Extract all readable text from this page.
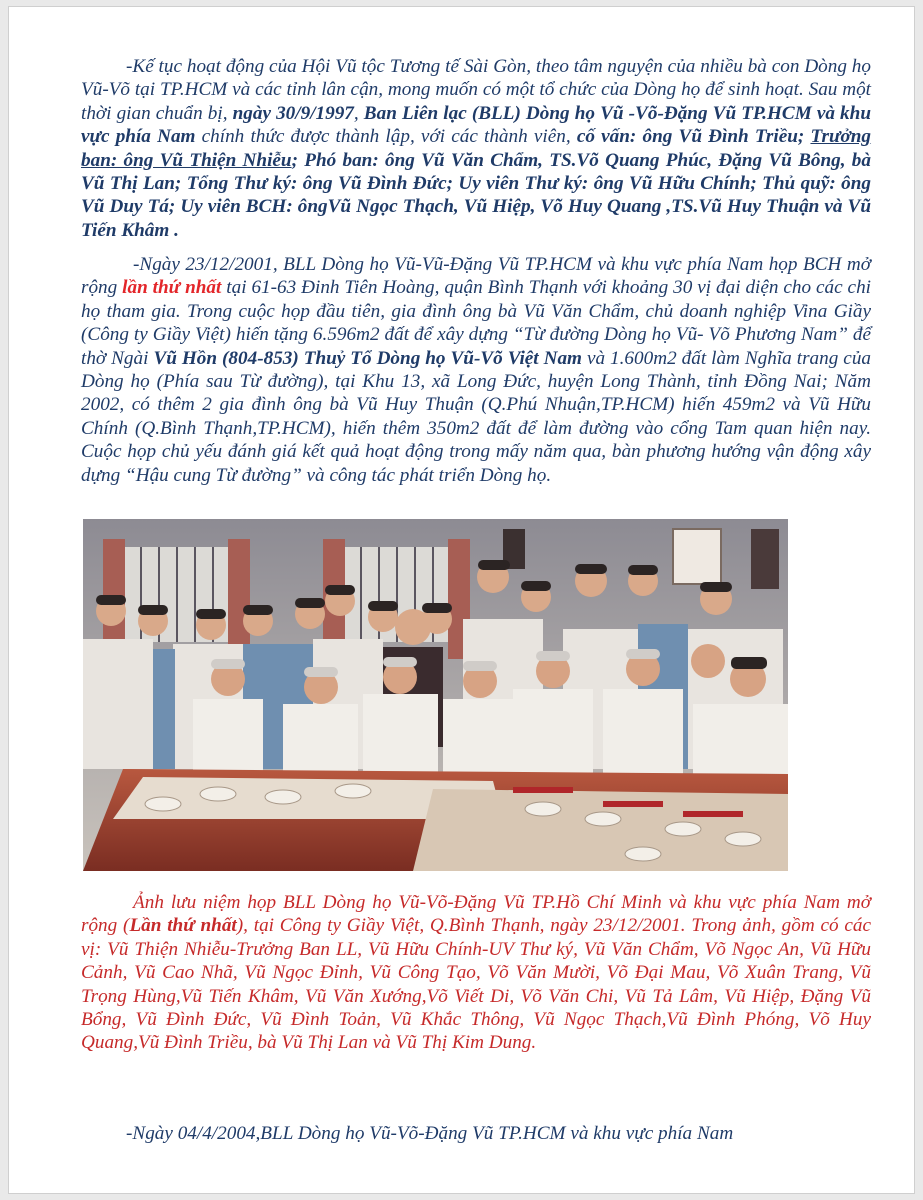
-Kế tục hoạt động của Hội Vũ tộc Tương tế Sài Gòn, theo tâm nguyện của nhiều bà con Dòng họ Vũ-Võ tại TP.HCM và các tỉnh lân cận, mong muốn có một tổ chức của Dòng họ để sinh hoạt. Sau một thời gian chuẩn bị, ngày 30/9/1997, Ban Liên lạc (BLL) Dòng họ Vũ -Võ-Đặng Vũ TP.HCM và khu vực phía Nam chính thức được thành lập, với các thành viên, cố vấn: ông Vũ Đình Triều; Trưởng ban: ông Vũ Thiện Nhiễu; Phó ban: ông Vũ Văn Chẩm, TS.Võ Quang Phúc, Đặng Vũ Bông, bà Vũ Thị Lan; Tổng Thư ký: ông Vũ Đình Đức; Uy viên Thư ký: ông Vũ Hữu Chính; Thủ quỹ: ông Vũ Duy Tá; Uy viên BCH: ôngVũ Ngọc Thạch, Vũ Hiệp, Võ Huy Quang ,TS.Vũ Huy Thuận và Vũ Tiến Khâm .

-Ngày 23/12/2001, BLL Dòng họ Vũ-Vũ-Đặng Vũ TP.HCM và khu vực phía Nam họp BCH mở rộng lần thứ nhất tại 61-63 Đinh Tiên Hoàng, quận Bình Thạnh với khoảng 30 vị đại diện cho các chi họ tham gia. Trong cuộc họp đầu tiên, gia đình ông bà Vũ Văn Chẩm, chủ doanh nghiệp Vina Giầy (Công ty Giầy Việt) hiến tặng 6.596m2 đất để xây dựng “Từ đường Dòng họ Vũ- Võ Phương Nam” để thờ Ngài Vũ Hồn (804-853) Thuỷ Tổ Dòng họ Vũ-Võ Việt Nam và 1.600m2 đất làm Nghĩa trang của Dòng họ (Phía sau Từ đường), tại Khu 13, xã Long Đức, huyện Long Thành, tỉnh Đồng Nai; Năm 2002, có thêm 2 gia đình ông bà Vũ Huy Thuận (Q.Phú Nhuận,TP.HCM) hiến 459m2 và Vũ Hữu Chính (Q.Bình Thạnh,TP.HCM), hiến thêm 350m2 đất để làm đường vào cổng Tam quan hiện nay. Cuộc họp chủ yếu đánh giá kết quả hoạt động trong mấy năm qua, bàn phương hướng vận động xây dựng “Hậu cung Từ đường” và công tác phát triển Dòng họ.

Ảnh lưu niệm họp BLL Dòng họ Vũ-Võ-Đặng Vũ TP.Hồ Chí Minh và khu vực phía Nam mở rộng (Lần thứ nhất), tại Công ty Giầy Việt, Q.Bình Thạnh, ngày 23/12/2001. Trong ảnh, gồm có các vị: Vũ Thiện Nhiễu-Trưởng Ban LL, Vũ Hữu Chính-UV Thư ký, Vũ Văn Chẩm, Võ Ngọc An, Vũ Hữu Cảnh, Vũ Cao Nhã, Vũ Ngọc Đỉnh, Vũ Công Tạo, Võ Văn Mười, Võ Đại Mau, Võ Xuân Trang, Vũ Trọng Hùng,Vũ Tiến Khâm, Vũ Văn Xướng,Võ Viết Di, Võ Văn Chi, Vũ Tả Lâm, Vũ Hiệp, Đặng Vũ Bổng, Vũ Đình Đức, Vũ Đình Toản, Vũ Khắc Thông, Vũ Ngọc Thạch,Vũ Đình Phóng, Võ Huy Quang,Vũ Đình Triều, bà Vũ Thị Lan và Vũ Thị Kim Dung.

-Ngày 04/4/2004,BLL Dòng họ Vũ-Võ-Đặng Vũ TP.HCM và khu vực phía Nam
